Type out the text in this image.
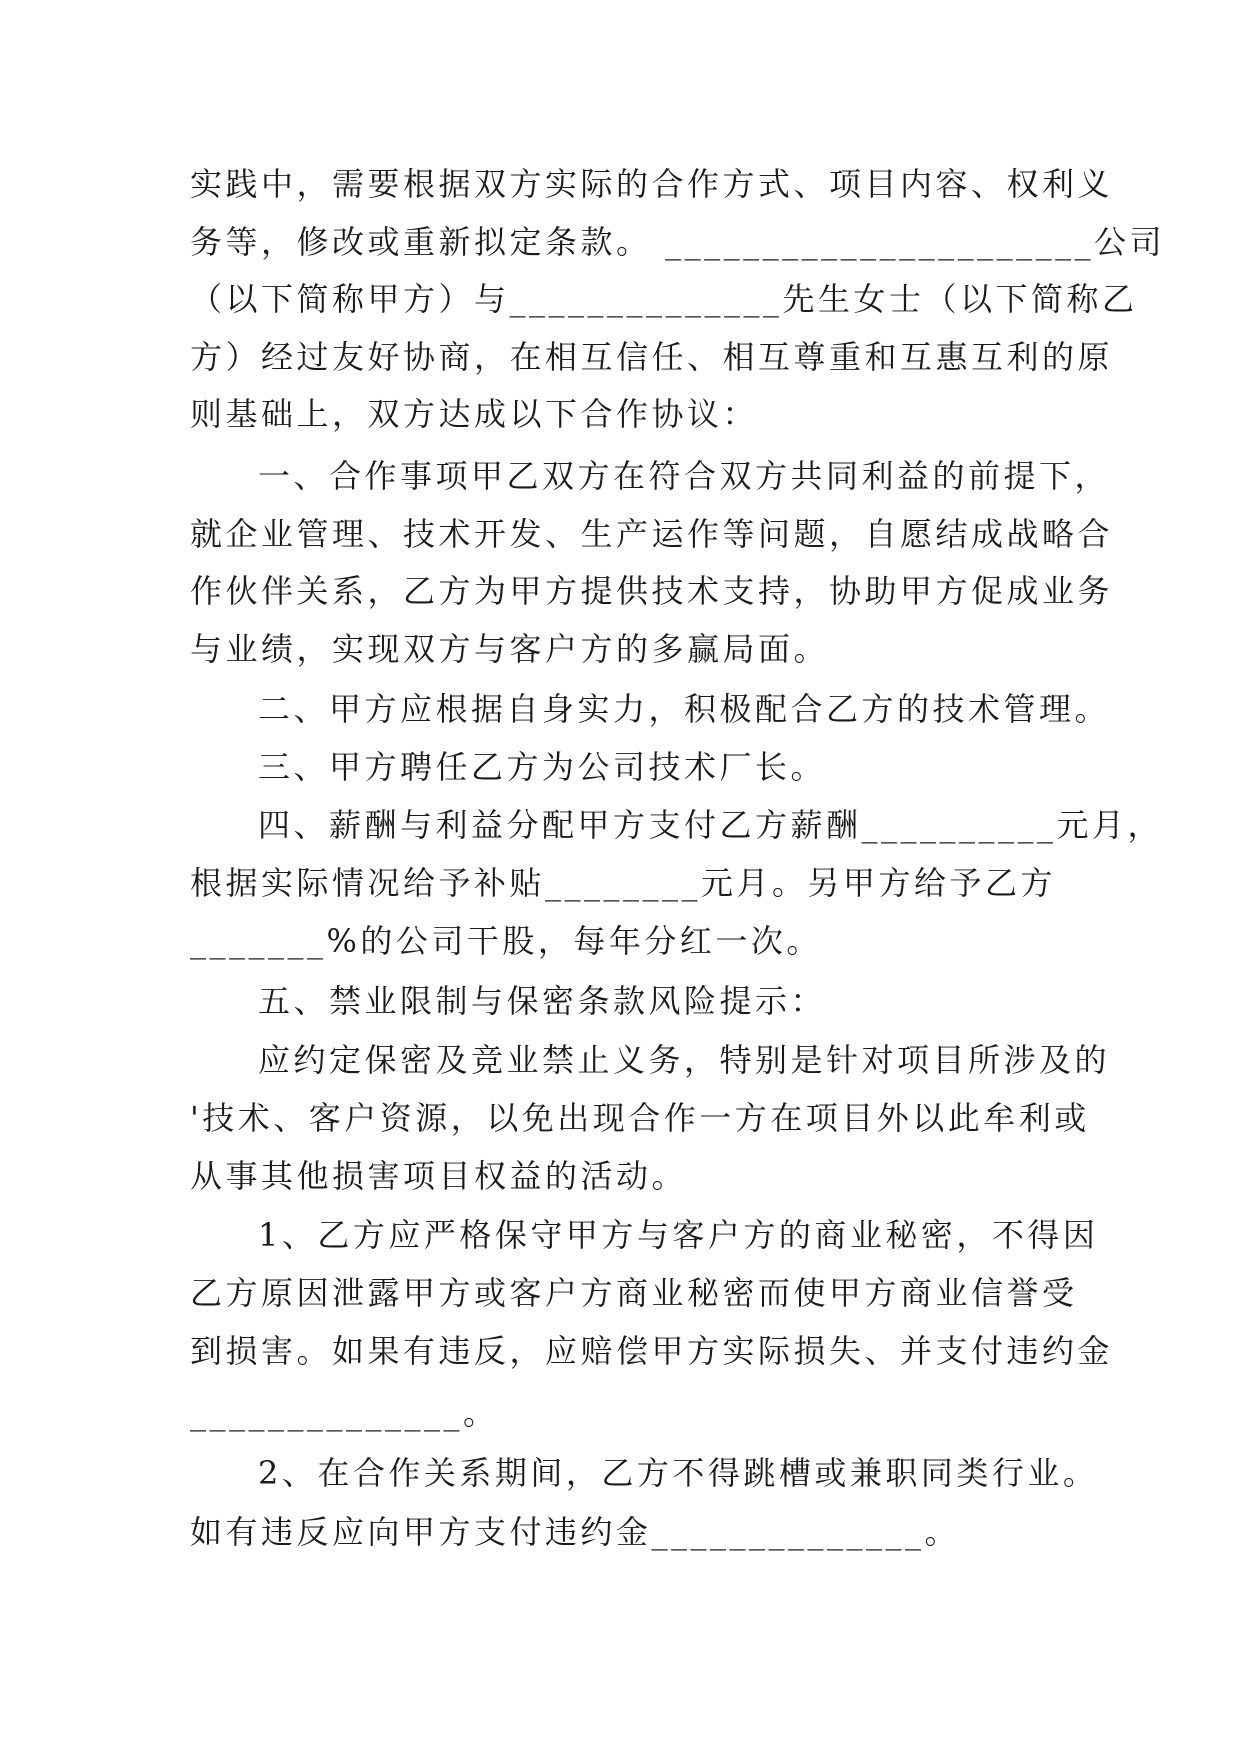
实践中，需要根据双方实际的合作方式、项目内容、权利义
务等，修改或重新拟定条款。 ______________________公司
（以下简称甲方）与______________先生女士（以下简称乙
方）经过友好协商，在相互信任、相互尊重和互惠互利的原
则基础上，双方达成以下合作协议：
一、合作事项甲乙双方在符合双方共同利益的前提下，
就企业管理、技术开发、生产运作等问题，自愿结成战略合
作伙伴关系，乙方为甲方提供技术支持，协助甲方促成业务
与业绩，实现双方与客户方的多赢局面。
二、甲方应根据自身实力，积极配合乙方的技术管理。
三、甲方聘任乙方为公司技术厂长。
四、薪酬与利益分配甲方支付乙方薪酬__________元月，
根据实际情况给予补贴________元月。另甲方给予乙方
_______%的公司干股，每年分红一次。
五、禁业限制与保密条款风险提示：
应约定保密及竞业禁止义务，特别是针对项目所涉及的
'技术、客户资源，以免出现合作一方在项目外以此牟利或
从事其他损害项目权益的活动。
1、乙方应严格保守甲方与客户方的商业秘密，不得因
乙方原因泄露甲方或客户方商业秘密而使甲方商业信誉受
到损害。如果有违反，应赔偿甲方实际损失、并支付违约金
______________。
2、在合作关系期间，乙方不得跳槽或兼职同类行业。
如有违反应向甲方支付违约金______________。
